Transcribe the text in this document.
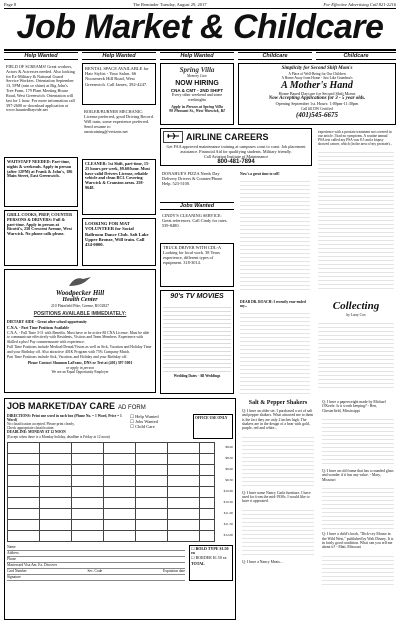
Page 8	The Reminder Tuesday, August 29, 2017	For Effective Advertising Call 821-2216
Job Market & Childcare
Help Wanted	Help Wanted	Help Wanted	Childcare	Childcare
FIELD OF SCREAMS! Great workers, Actors & Actresses needed. Also looking for Ex-Military & National Guard Service Workers. Orientation September 13, 5PM (rain or shine) at Big John's Tree Farm, 179 Plant Meeting House Road, West Greenwich. Orientation will last for 1 hour. For more information call 397-2600 or download application at www.hauntedhayride.net
WAITSTAFF NEEDED: Part-time, nights & weekends. Apply in person (after 12PM) at Frank & John's, 186 Main Street, East Greenwich.
GRILL COOKS, PREP, COUNTER PERSONS & DRIVERS: Full & part-time. Apply in person at Ricotti's, 250 Crescent Avenue, West Warwick. No phone calls please.
Woodpecker Hill
Health Center
210 Plainfield Pike, Greene, RI 02827
POSITIONS AVAILABLE IMMEDIATELY:
DIETARY AIDE - Great after school opportunity
C.N.A. - Part Time Positions Available
C.N.A. - Full Time 3-11 with Benefits. Must have or be active RI CNA License. Must be able to communicate effectively with Residents, Visitors and Team Members. Experience with Skilled a plus! Pay commensurate with experience.
Full Time Positions include Medical/Dental/Vision as well as Sick, Vacation and Holiday Time and your Birthday off. Also attractive 401K Program with 75% Company Match.
Part Time Positions include Sick, Vacation, and Holiday and your Birthday off.
Please Contact Shannon LaFranc, DNS or Teri at (401) 397-5001
or apply in person
We are an Equal Opportunity Employer
RENTAL SPACE AVAILABLE for Hair Stylist - Your Salon. 66 Nooseneck Hill Road, West Greenwich. Call James, 392-4247.
BOILER/BURNER MECHANIC: License preferred, good Driving Record. Will train, some experience preferred. Send resume to omstraining@verizon.net
CLEANER: 1st Shift, part-time, 15-25 hours per week, $9.60/hour. Must have valid Drivers License, reliable vehicle and clean BCI. Covering Warwick & Cranston areas. 258-9648.
LOOKING FOR MAT VOLUNTEER for Social Ballroom Dance Club. Salt Lake Upper Bronze, Will train. Call 434-0000.
Spring Villa
Memory Care
NOW HIRING
CNA & CMT - 2ND SHIFT
Every other weekend and some weeknights
Apply in Person at Spring Villa
98 Pleasant St., West Warwick, RI
AIRLINE CAREERS
Get FAA approved maintenance training at campuses coast to coast. Job placement assistance. Financial Aid for qualifying students. Military friendly.
Call Aviation Institute of Maintenance
800-481-7894
DONAHUE'S PIZZA Needs Day Delivery Drivers & Counter/Phone Help. 523-5100.
Jobs Wanted
CINDY'S CLEANING SERVICE: Great references. Call Cindy for rates. 539-8480.
TRUCK DRIVER WITH CDL-A Looking for local work. 38 Years experience, different types of equipment. 318-3014.
90's TV MOVIES
Wedding Dates - All Weddings
Now's a great time to sell!
Simplicity for Second Shift Mom's
A Place of Well-Being for Our Children
A Home Away from Home - Just Like Grandma's
A Mother's Hand
Home Based Daycare for Second Shift Moms
Now Accepting Applications for 3 - 5 year olds.
Opening September 1st. Hours: 1:00pm-11:30pm
Call Jill DW Certified
(401)545-6675
experience with a prostate treatment not covered in our article. I had no symptoms. A routine annual PSA test called my PSA was 8.5 and a biopsy showed cancer, which (in the area of my prostate)...
Collecting
by Larry Cox
DEAR DR. ROACH: I recently rear-ended my...
JOB MARKET/DAY CARE AD FORM
DIRECTIONS: Print one word in each box (Phone No. = 1 Word, Price = 1 Word)
No classification accepted. Please print clearly.
Check appropriate classification:
DEADLINE: MONDAY AT 12 NOON
(Except when there is a Monday holiday, deadline is Friday at 12 noon)
☐ Help Wanted
☐ Jobs Wanted
☐ Child Care
OFFICE USE ONLY
$8.00
$8.50
$9.00
$9.50
$10.00
$10.50
$11.00
$11.50
$12.00
Name
Address
Phone
Mastercard Visa Am. Ex. Discover
Card Number	Sec. Code	Expiration date
Signature
☐ BOLD TYPE $1.50 ea
☐ BORDER $1.50 ea
TOTAL
Salt & Pepper Shakers
Q: I have an older set. I purchased a set of salt and pepper shakers. What attracted me to them is the fact they are only 2 inches high. The shakers are in the design of a bear with gold, purple, red and white...
Q: I have some Nancy Carla furniture. I have used for from the mid-1930s. I would like to have it appraised.
Q: I have a Nancy Meats...
Q: I have a paperweight made by Michael O'Keefe. Is it worth keeping? - Ben, Chesterfield, Mississippi
Q: I have an old frame that has a rounded glass and wonder if it has any value. - Mary, Missouri
Q: I have a child's book, "Dick-cey Mouse in the Wild West," published by Walt Disney. It is in fairly good condition. What can you tell me about it? - Matt, Missouri
